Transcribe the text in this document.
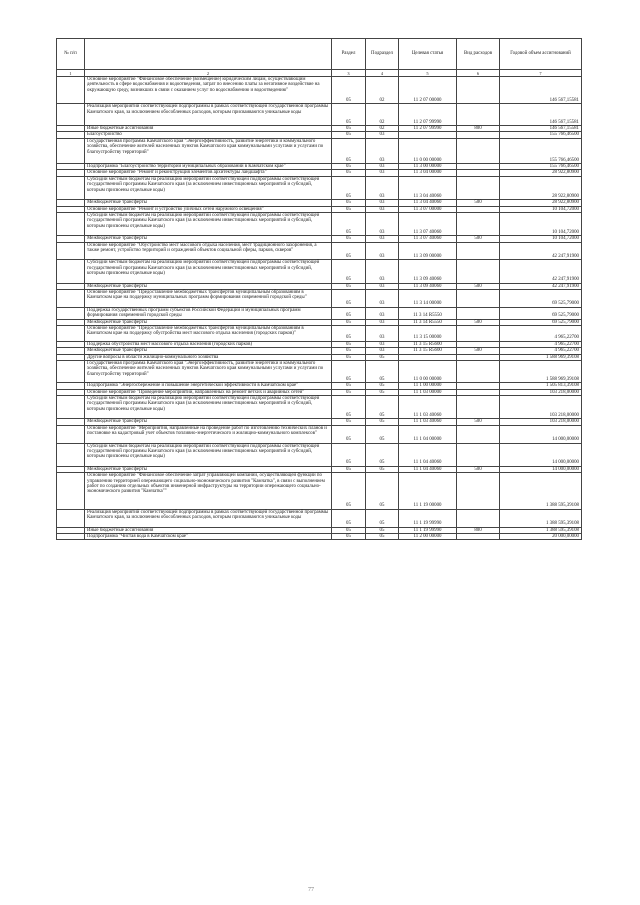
№ п/п		Раздел	Подраздел	Целевая статья	Вид расходов	Годовой объем ассигнований
1	2	3	4	5	6	7
	Основное мероприятие "Финансовое обеспечение (возмещение) юридическим лицам, осуществляющим деятельность в сфере водоснабжения и водоотведения, затрат по внесению платы за негативное воздействие на окружающую среду, возникших в связи с оказанием услуг по водоснабжению и водоотведению"	05	02	11 2 07 00000		146 567,15581
	Реализация мероприятий соответствующей подпрограммы в рамках соответствующей государственной программы Камчатского края, за исключением обособленных расходов, которым присваиваются уникальные коды	05	02	11 2 07 99990		146 567,15581
	Иные бюджетные ассигнования	05	02	11 2 07 99990	800	146 567,15581
	Благоустройство	05	03			155 766,46500
	Государственная программа Камчатского края "Энергоэффективность, развитие энергетики и коммунального хозяйства, обеспечение жителей населенных пунктов Камчатского края коммунальными услугами и услугами по благоустройству территорий"	05	03	11 0 00 00000		155 766,46500
	Подпрограмма "Благоустройство территорий муниципальных образований в Камчатском крае"	05	03	11 3 00 00000		155 766,46500
	Основное мероприятие "Ремонт и реконструкция элементов архитектуры ландшафта"	05	03	11 3 04 00000		28 922,80900
	Субсидии местным бюджетам на реализацию мероприятий соответствующей подпрограммы соответствующей государственной программы Камчатского края (за исключением инвестиционных мероприятий и субсидий, которым присвоены отдельные коды)	05	03	11 3 04 40060		28 922,80900
	Межбюджетные трансферты	05	03	11 3 04 40060	500	28 922,80900
	Основное мероприятие "Ремонт и устройство уличных сетей наружного освещения"	05	03	11 3 07 00000		10 104,72000
	Субсидии местным бюджетам на реализацию мероприятий соответствующей подпрограммы соответствующей государственной программы Камчатского края (за исключением инвестиционных мероприятий и субсидий, которым присвоены отдельные коды)	05	03	11 3 07 40060		10 104,72000
	Межбюджетные трансферты	05	03	11 3 07 40060	500	10 104,72000
	Основное мероприятие "Обустройство мест массового отдыха населения, мест традиционного захоронения, а также ремонт, устройство территорий и ограждений объектов социальной сферы, парков, скверов"	05	03	11 3 09 00000		42 247,91900
	Субсидии местным бюджетам на реализацию мероприятий соответствующей подпрограммы соответствующей государственной программы Камчатского края (за исключением инвестиционных мероприятий и субсидий, которым присвоены отдельные коды)	05	03	11 3 09 40060		42 247,91900
	Межбюджетные трансферты	05	03	11 3 09 40060	500	42 247,91900
	Основное мероприятие "Предоставление межбюджетных трансфертов муниципальным образованиям в Камчатском крае на поддержку муниципальных программ формирования современной городской среды"	05	03	11 3 14 00000		69 525,79000
	Поддержка государственных программ субъектов Российской Федерации и муниципальных программ формирования современной городской среды	05	03	11 3 14 R5550		69 525,79000
	Межбюджетные трансферты	05	03	11 3 14 R5550	500	69 525,79000
	Основное мероприятие "Предоставление межбюджетных трансфертов муниципальным образованиям в Камчатском крае на поддержку обустройства мест массового отдыха населения (городских парков)"	05	03	11 3 15 00000		4 965,22700
	Поддержка обустройства мест массового отдыха населения (городских парков)	05	03	11 3 15 R5600		4 965,22700
	Межбюджетные трансферты	05	03	11 3 15 R5600	500	4 965,22700
	Другие вопросы в области жилищно-коммунального хозяйства	05	05			1 588 969,39108
	Государственная программа Камчатского края "Энергоэффективность, развитие энергетики и коммунального хозяйства, обеспечение жителей населенных пунктов Камчатского края коммунальными услугами и услугами по благоустройству территорий"	05	05	11 0 00 00000		1 588 969,39108
	Подпрограмма "Энергосбережение и повышение энергетической эффективности в Камчатском крае"	05	05	11 1 00 00000		1 505 813,39108
	Основное мероприятие "Проведение мероприятий, направленных на ремонт ветхих и аварийных сетей"	05	05	11 1 03 00000		103 218,00000
	Субсидии местным бюджетам на реализацию мероприятий соответствующей подпрограммы соответствующей государственной программы Камчатского края (за исключением инвестиционных мероприятий и субсидий, которым присвоены отдельные коды)	05	05	11 1 03 40060		103 218,00000
	Межбюджетные трансферты	05	05	11 1 03 40060	500	103 218,00000
	Основное мероприятие "Мероприятия, направленные на проведение работ по изготовлению технических планов и постановке на кадастровый учет объектов топливно-энергетического и жилищно-коммунального комплексов"	05	05	11 1 04 00000		14 000,00000
	Субсидии местным бюджетам на реализацию мероприятий соответствующей подпрограммы соответствующей государственной программы Камчатского края (за исключением инвестиционных мероприятий и субсидий, которым присвоены отдельные коды)	05	05	11 1 04 40060		14 000,00000
	Межбюджетные трансферты	05	05	11 1 04 40060	500	14 000,00000
	Основное мероприятие "Финансовое обеспечение затрат управляющей компании, осуществляющей функции по управлению территорией опережающего социально-экономического развития "Камчатка", в связи с выполнением работ по созданию отдельных объектов инженерной инфраструктуры на территории опережающего социально-экономического развития "Камчатка""	05	05	11 1 19 00000		1 388 595,39108
	Реализация мероприятий соответствующей подпрограммы в рамках соответствующей государственной программы Камчатского края, за исключением обособленных расходов, которым присваиваются уникальные коды	05	05	11 1 19 99990		1 388 595,39108
	Иные бюджетные ассигнования	05	05	11 1 19 99990	800	1 388 595,39108
	Подпрограмма "Чистая вода в Камчатском крае"	05	05	11 2 00 00000		20 000,00000
77
